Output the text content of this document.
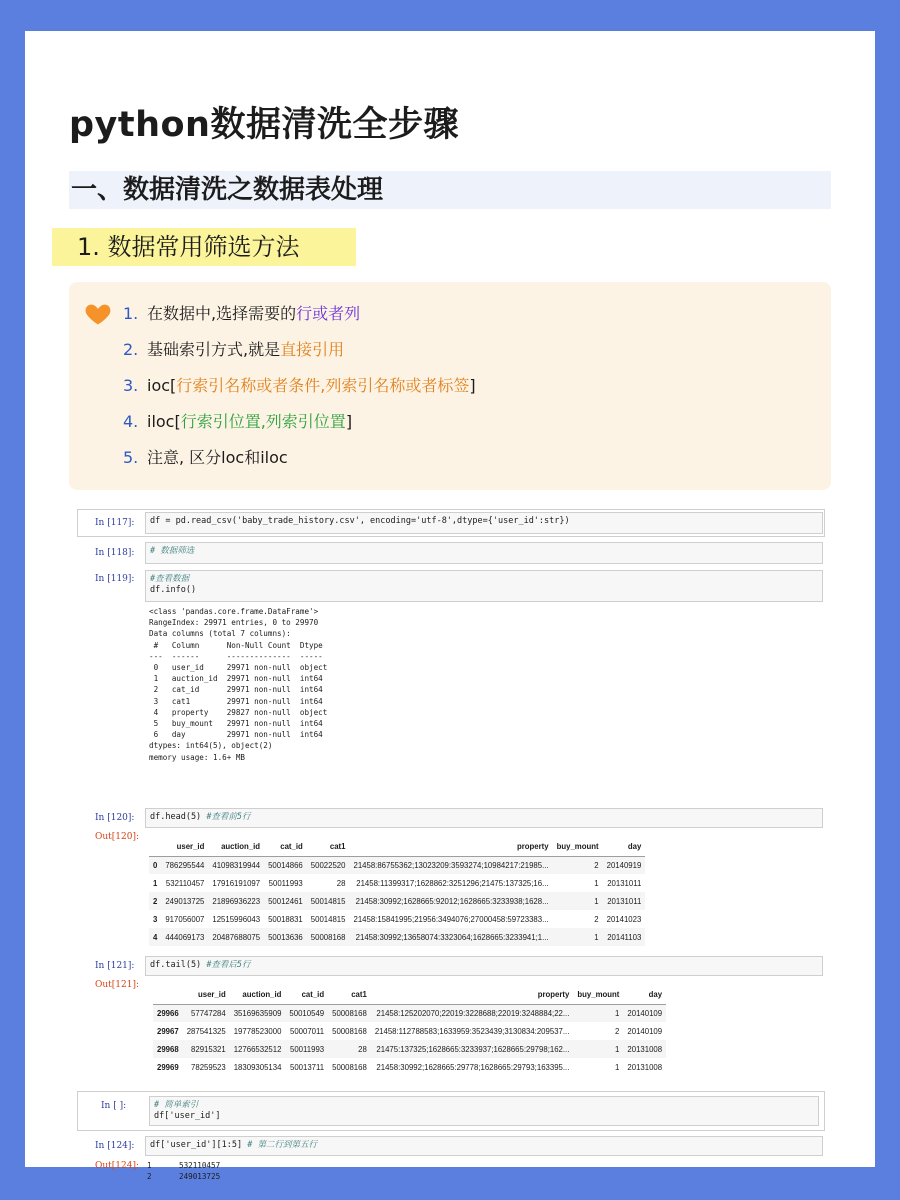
python数据清洗全步骤
一、数据清洗之数据表处理
1. 数据常用筛选方法
1. 在数据中,选择需要的行或者列
2. 基础索引方式,就是直接引用
3. ioc[行索引名称或者条件,列索引名称或者标签]
4. iloc[行索引位置,列索引位置]
5. 注意, 区分loc和iloc
In [117]:	df = pd.read_csv('baby_trade_history.csv', encoding='utf-8',dtype={'user_id':str})
In [118]:	# 数据筛选
In [119]:	#查看数据
df.info()
<class 'pandas.core.frame.DataFrame'>
RangeIndex: 29971 entries, 0 to 29970
Data columns (total 7 columns):
#   Column      Non-Null Count  Dtype
---  ------      --------------  -----
0   user_id     29971 non-null  object
1   auction_id  29971 non-null  int64
2   cat_id      29971 non-null  int64
3   cat1        29971 non-null  int64
4   property    29827 non-null  object
5   buy_mount   29971 non-null  int64
6   day         29971 non-null  int64
dtypes: int64(5), object(2)
memory usage: 1.6+ MB
In [120]:	df.head(5) #查看前5行
Out[120]:
	user_id	auction_id	cat_id	cat1	property	buy_mount	day
0	786295544	41098319944	50014866	50022520	21458:86755362;13023209:3593274;10984217:21985...	2	20140919
1	532110457	17916191097	50011993	28	21458:11399317;1628862:3251296;21475:137325;16...	1	20131011
2	249013725	21896936223	50012461	50014815	21458:30992;1628665:92012;1628665:3233938;1628...	1	20131011
3	917056007	12515996043	50018831	50014815	21458:15841995;21956:3494076;27000458:59723383...	2	20141023
4	444069173	20487688075	50013636	50008168	21458:30992;13658074:3323064;1628665:3233941;1...	1	20141103
In [121]:	df.tail(5) #查看后5行
Out[121]:
	user_id	auction_id	cat_id	cat1	property	buy_mount	day
29966	57747284	35169635909	50010549	50008168	21458:125202070;22019:3228688;22019:3248884;22...	1	20140109
29967	287541325	19778523000	50007011	50008168	21458:112788583;1633959:3523439;3130834:209537...	2	20140109
29968	82915321	12766532512	50011993	28	21475:137325;1628665:3233937;1628665:29798;162...	1	20131008
29969	78259523	18309305134	50013711	50008168	21458:30992;1628665:29778;1628665:29793;163395...	1	20131008
In [ ]:	# 简单索引
df['user_id']
In [124]:	df['user_id'][1:5] # 第二行到第五行
Out[124]: 1      532110457
2      249013725
